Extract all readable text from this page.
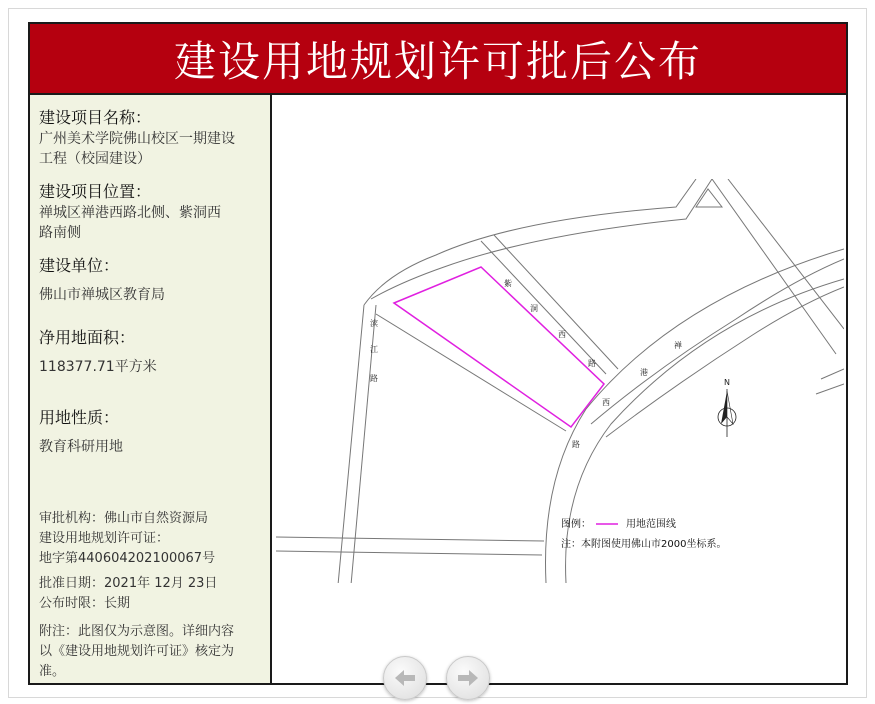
建设用地规划许可批后公布
建设项目名称：
广州美术学院佛山校区一期建设
工程（校园建设）
建设项目位置：
禅城区禅港西路北侧、紫洞西
路南侧
建设单位：
佛山市禅城区教育局
净用地面积：
118377.71平方米
用地性质：
教育科研用地
审批机构：佛山市自然资源局
建设用地规划许可证：
地字第440604202100067号
批准日期：2021年 12月 23日
公布时限：长期
附注：此图仅为示意图。详细内容
以《建设用地规划许可证》核定为
准。
紫
洞
西
路
滨
江
路
禅
港
西
路
N
图例：	用地范围线
注：本附图使用佛山市2000坐标系。
